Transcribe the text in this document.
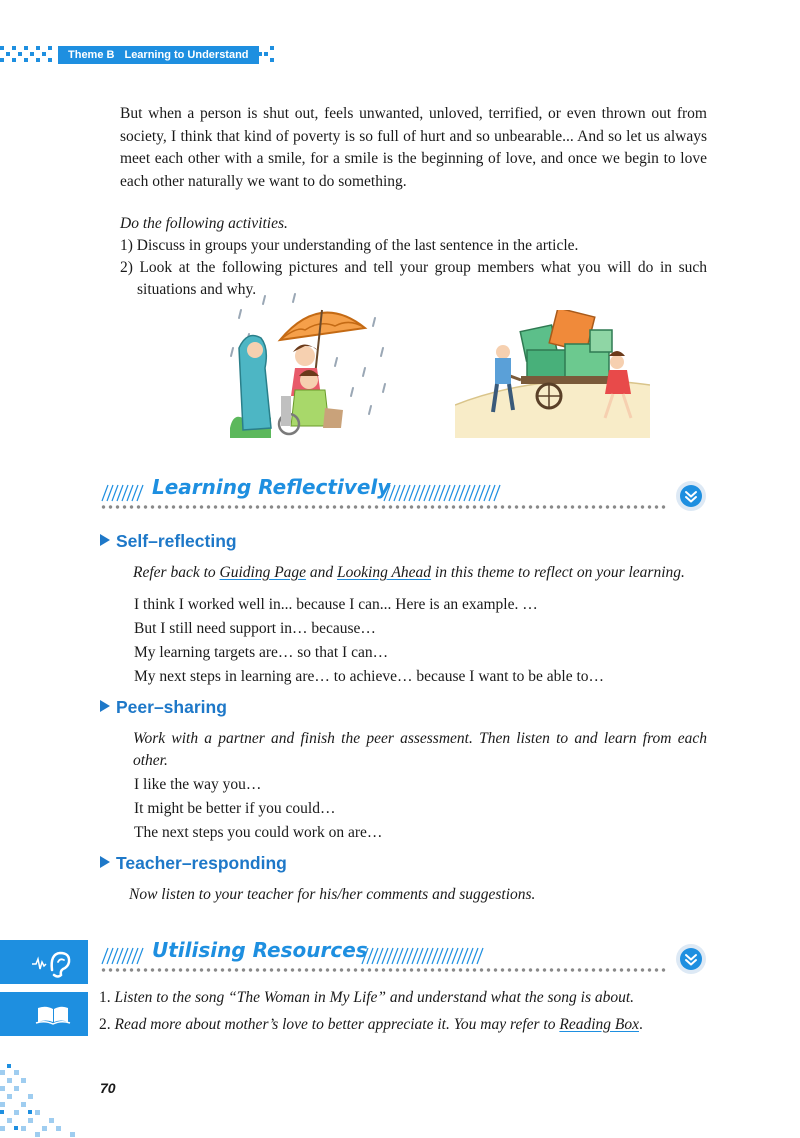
Theme B Learning to Understand

But when a person is shut out, feels unwanted, unloved, terrified, or even thrown out from society, I think that kind of poverty is so full of hurt and so unbearable... And so let us always meet each other with a smile, for a smile is the beginning of love, and once we begin to love each other naturally we want to do something.

Do the following activities.

1) Discuss in groups your understanding of the last sentence in the article.

2) Look at the following pictures and tell your group members what you will do in such situations and why.

Learning Reflectively
Self–reflecting

Refer back to Guiding Page and Looking Ahead in this theme to reflect on your learning.

I think I worked well in... because I can... Here is an example. …

But I still need support in… because…

My learning targets are… so that I can…

My next steps in learning are… to achieve… because I want to be able to…

Peer–sharing

Work with a partner and finish the peer assessment. Then listen to and learn from each other.

I like the way you…

It might be better if you could…

The next steps you could work on are…

Teacher–responding

Now listen to your teacher for his/her comments and suggestions.

Utilising Resources

1. Listen to the song “The Woman in My Life” and understand what the song is about.

2. Read more about mother’s love to better appreciate it. You may refer to Reading Box.

70
